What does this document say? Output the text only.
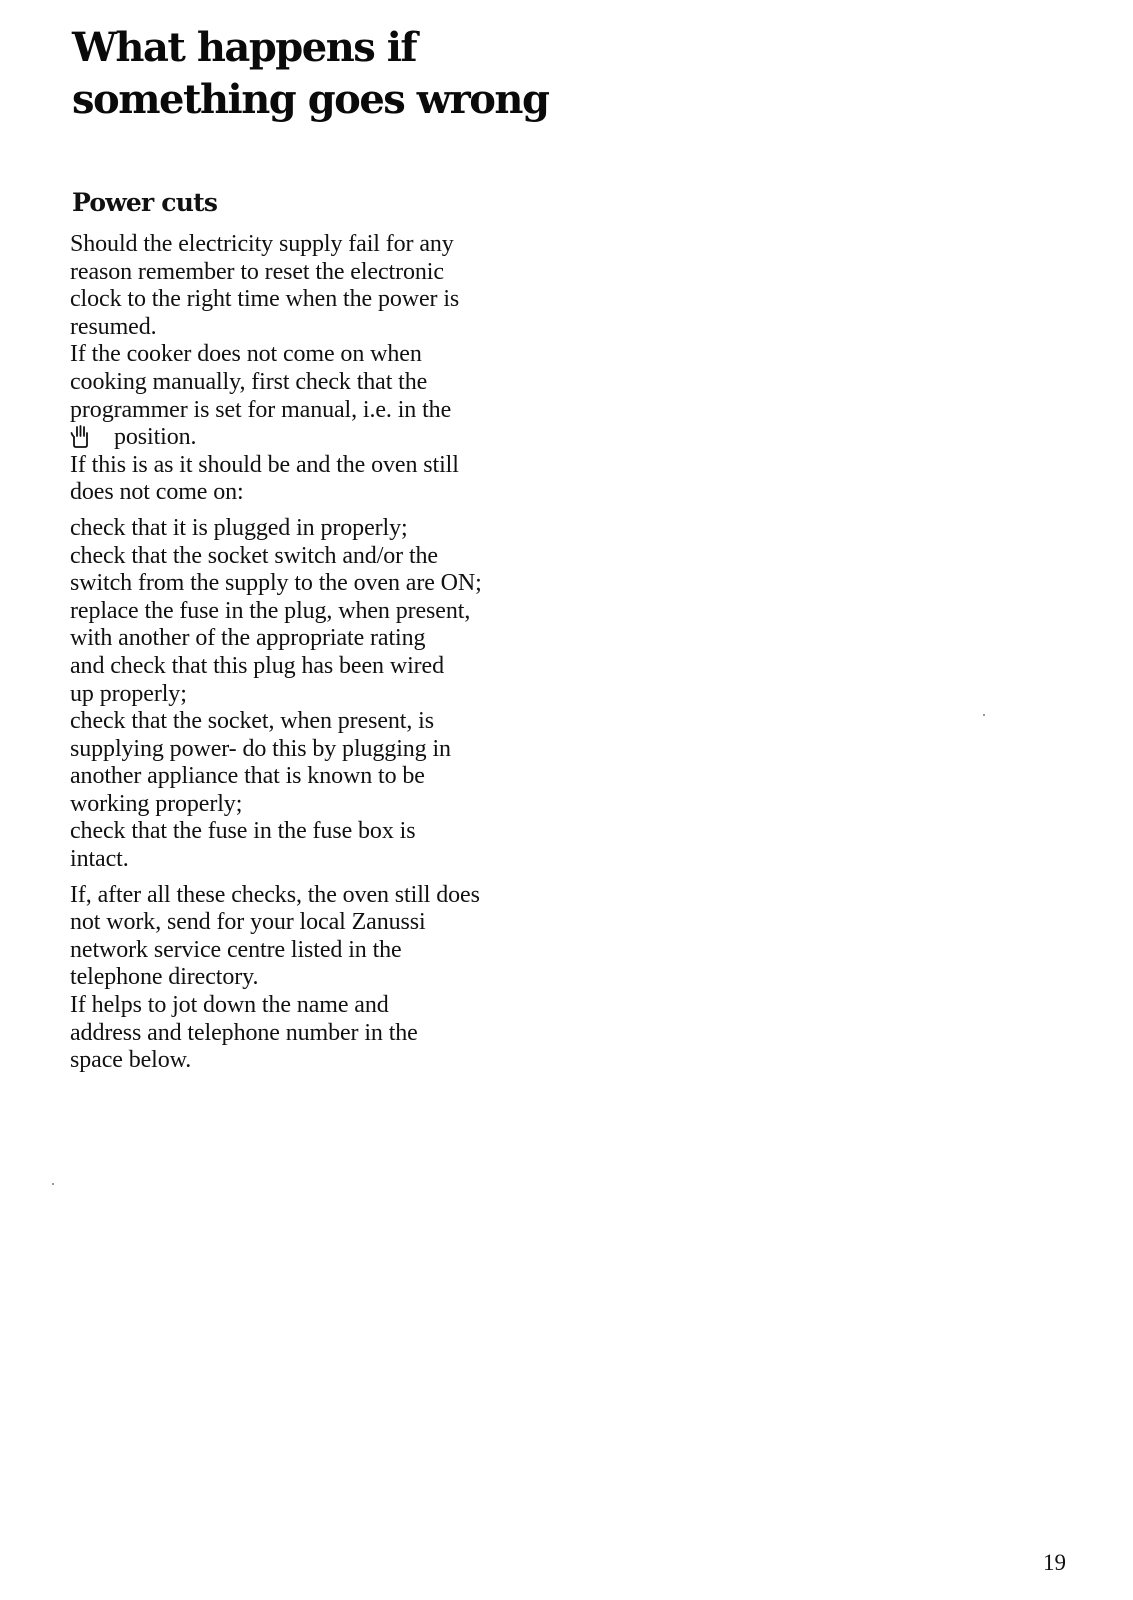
What happens if
something goes wrong
Power cuts
Should the electricity supply fail for any
reason remember to reset the electronic
clock to the right time when the power is
resumed.
If the cooker does not come on when
cooking manually, first check that the
programmer is set for manual, i.e. in the
position.
If this is as it should be and the oven still
does not come on:
check that it is plugged in properly;
check that the socket switch and/or the
switch from the supply to the oven are ON;
replace the fuse in the plug, when present,
with another of the appropriate rating
and check that this plug has been wired
up properly;
check that the socket, when present, is
supplying power- do this by plugging in
another appliance that is known to be
working properly;
check that the fuse in the fuse box is
intact.
If, after all these checks, the oven still does
not work, send for your local Zanussi
network service centre listed in the
telephone directory.
If helps to jot down the name and
address and telephone number in the
space below.
19
